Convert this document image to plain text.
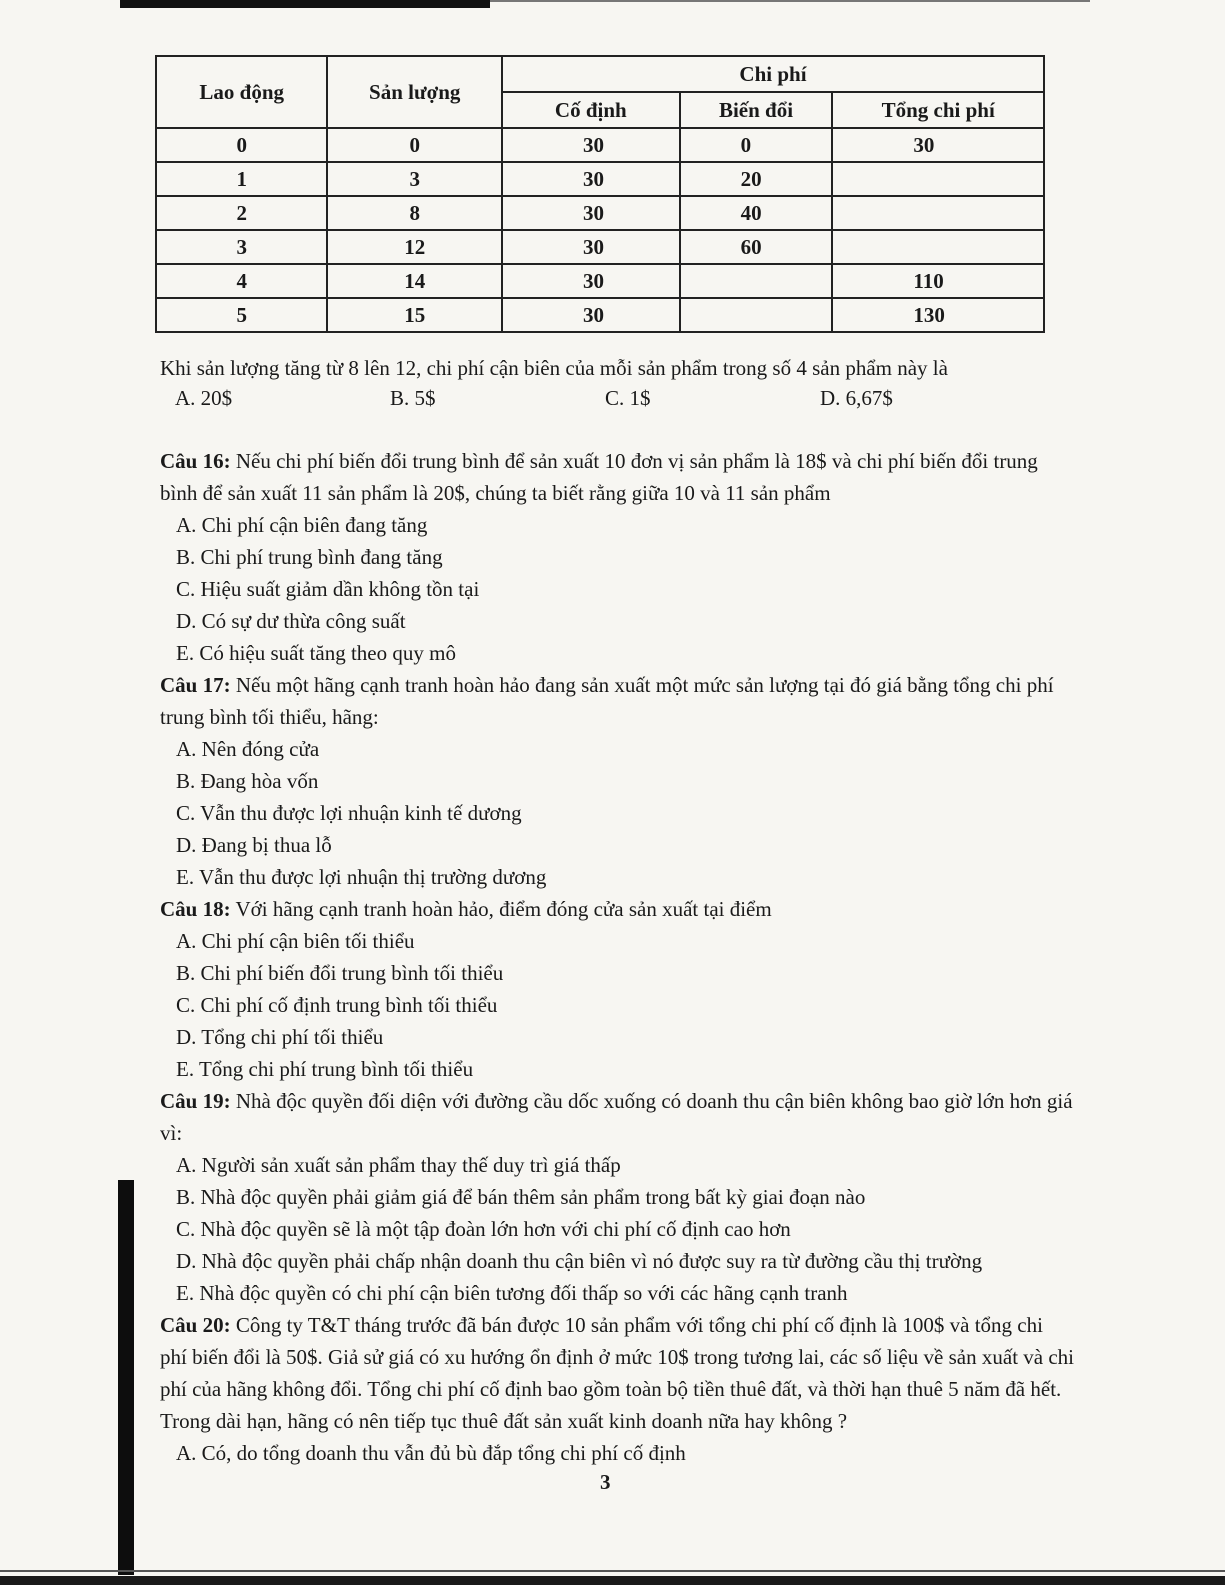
Lao động	Sản lượng	Chi phí		
		Cố định	Biến đổi	Tổng chi phí
0	0	30	0	30
1	3	30	20	
2	8	30	40	
3	12	30	60	
4	14	30		110
5	15	30		130
Khi sản lượng tăng từ 8 lên 12, chi phí cận biên của mỗi sản phẩm trong số 4 sản phẩm này là
A. 20$	B. 5$	C. 1$	D. 6,67$

Câu 16: Nếu chi phí biến đổi trung bình để sản xuất 10 đơn vị sản phẩm là 18$ và chi phí biến đổi trung bình để sản xuất 11 sản phẩm là 20$, chúng ta biết rằng giữa 10 và 11 sản phẩm

A. Chi phí cận biên đang tăng
B. Chi phí trung bình đang tăng
C. Hiệu suất giảm dần không tồn tại
D. Có sự dư thừa công suất
E. Có hiệu suất tăng theo quy mô

Câu 17: Nếu một hãng cạnh tranh hoàn hảo đang sản xuất một mức sản lượng tại đó giá bằng tổng chi phí trung bình tối thiểu, hãng:

A. Nên đóng cửa
B. Đang hòa vốn
C. Vẫn thu được lợi nhuận kinh tế dương
D. Đang bị thua lỗ
E. Vẫn thu được lợi nhuận thị trường dương

Câu 18: Với hãng cạnh tranh hoàn hảo, điểm đóng cửa sản xuất tại điểm

A. Chi phí cận biên tối thiểu
B. Chi phí biến đổi trung bình tối thiểu
C. Chi phí cố định trung bình tối thiểu
D. Tổng chi phí tối thiểu
E. Tổng chi phí trung bình tối thiểu

Câu 19: Nhà độc quyền đối diện với đường cầu dốc xuống có doanh thu cận biên không bao giờ lớn hơn giá vì:

A. Người sản xuất sản phẩm thay thế duy trì giá thấp
B. Nhà độc quyền phải giảm giá để bán thêm sản phẩm trong bất kỳ giai đoạn nào
C. Nhà độc quyền sẽ là một tập đoàn lớn hơn với chi phí cố định cao hơn
D. Nhà độc quyền phải chấp nhận doanh thu cận biên vì nó được suy ra từ đường cầu thị trường
E. Nhà độc quyền có chi phí cận biên tương đối thấp so với các hãng cạnh tranh

Câu 20: Công ty T&T tháng trước đã bán được 10 sản phẩm với tổng chi phí cố định là 100$ và tổng chi phí biến đổi là 50$. Giả sử giá có xu hướng ổn định ở mức 10$ trong tương lai, các số liệu về sản xuất và chi phí của hãng không đổi. Tổng chi phí cố định bao gồm toàn bộ tiền thuê đất, và thời hạn thuê 5 năm đã hết. Trong dài hạn, hãng có nên tiếp tục thuê đất sản xuất kinh doanh nữa hay không ?

A. Có, do tổng doanh thu vẫn đủ bù đắp tổng chi phí cố định
3
